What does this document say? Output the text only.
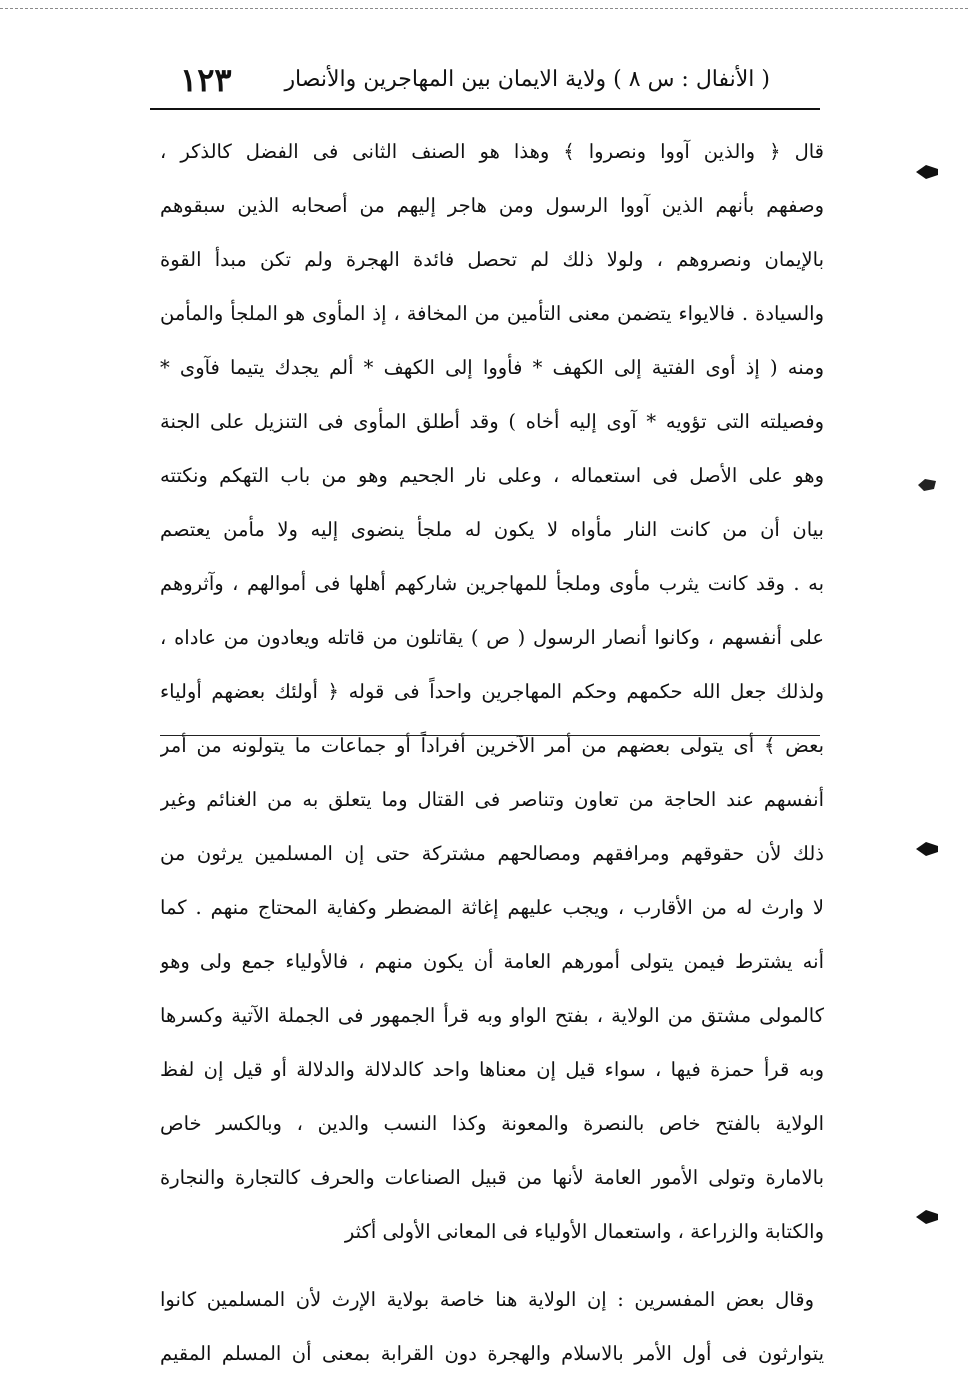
١٢٣ ( الأنفال : س ٨ ) ولاية الايمان بين المهاجرين والأنصار
قال ﴿ والذين آووا ونصروا ﴾ وهذا هو الصنف الثانى فى الفضل كالذكر ،
وصفهم بأنهم الذين آووا الرسول ومن هاجر إليهم من أصحابه الذين سبقوهم
بالإيمان ونصروهم ، ولولا ذلك لم تحصل فائدة الهجرة ولم تكن مبدأ القوة
والسيادة . فالايواء يتضمن معنى التأمين من المخافة ، إذ المأوى هو الملجأ والمأمن
ومنه ( إذ أوى الفتية إلى الكهف * فأووا إلى الكهف * ألم يجدك يتيما فآوى *
وفصيلته التى تؤويه * آوى إليه أخاه ) وقد أطلق المأوى فى التنزيل على الجنة
وهو على الأصل فى استعماله ، وعلى نار الجحيم وهو من باب التهكم ونكتته
بيان أن من كانت النار مأواه لا يكون له ملجأ ينضوى إليه ولا مأمن يعتصم
به . وقد كانت يثرب مأوى وملجأ للمهاجرين شاركهم أهلها فى أموالهم ، وآثروهم
على أنفسهم ، وكانوا أنصار الرسول ( ص ) يقاتلون من قاتله ويعادون من عاداه ،
ولذلك جعل الله حكمهم وحكم المهاجرين واحداً فى قوله ﴿ أولئك بعضهم أولياء
بعض ﴾ أى يتولى بعضهم من أمر الآخرين أفراداً أو جماعات ما يتولونه من أمر
أنفسهم عند الحاجة من تعاون وتناصر فى القتال وما يتعلق به من الغنائم وغير
ذلك لأن حقوقهم ومرافقهم ومصالحهم مشتركة حتى إن المسلمين يرثون من
لا وارث له من الأقارب ، ويجب عليهم إغاثة المضطر وكفاية المحتاج منهم . كما
أنه يشترط فيمن يتولى أمورهم العامة أن يكون منهم ، فالأولياء جمع ولى وهو
كالمولى مشتق من الولاية ، بفتح الواو وبه قرأ الجمهور فى الجملة الآتية وكسرها
وبه قرأ حمزة فيها ، سواء قيل إن معناها واحد كالدلالة والدلالة أو قيل إن لفظ
الولاية بالفتح خاص بالنصرة والمعونة وكذا النسب والدين ، وبالكسر خاص
بالامارة وتولى الأمور العامة لأنها من قبيل الصناعات والحرف كالتجارة والنجارة
والكتابة والزراعة ، واستعمال الأولياء فى المعانى الأولى أكثر
وقال بعض المفسرين : إن الولاية هنا خاصة بولاية الإرث لأن المسلمين كانوا
يتوارثون فى أول الأمر بالاسلام والهجرة دون القرابة بمعنى أن المسلم المقيم
